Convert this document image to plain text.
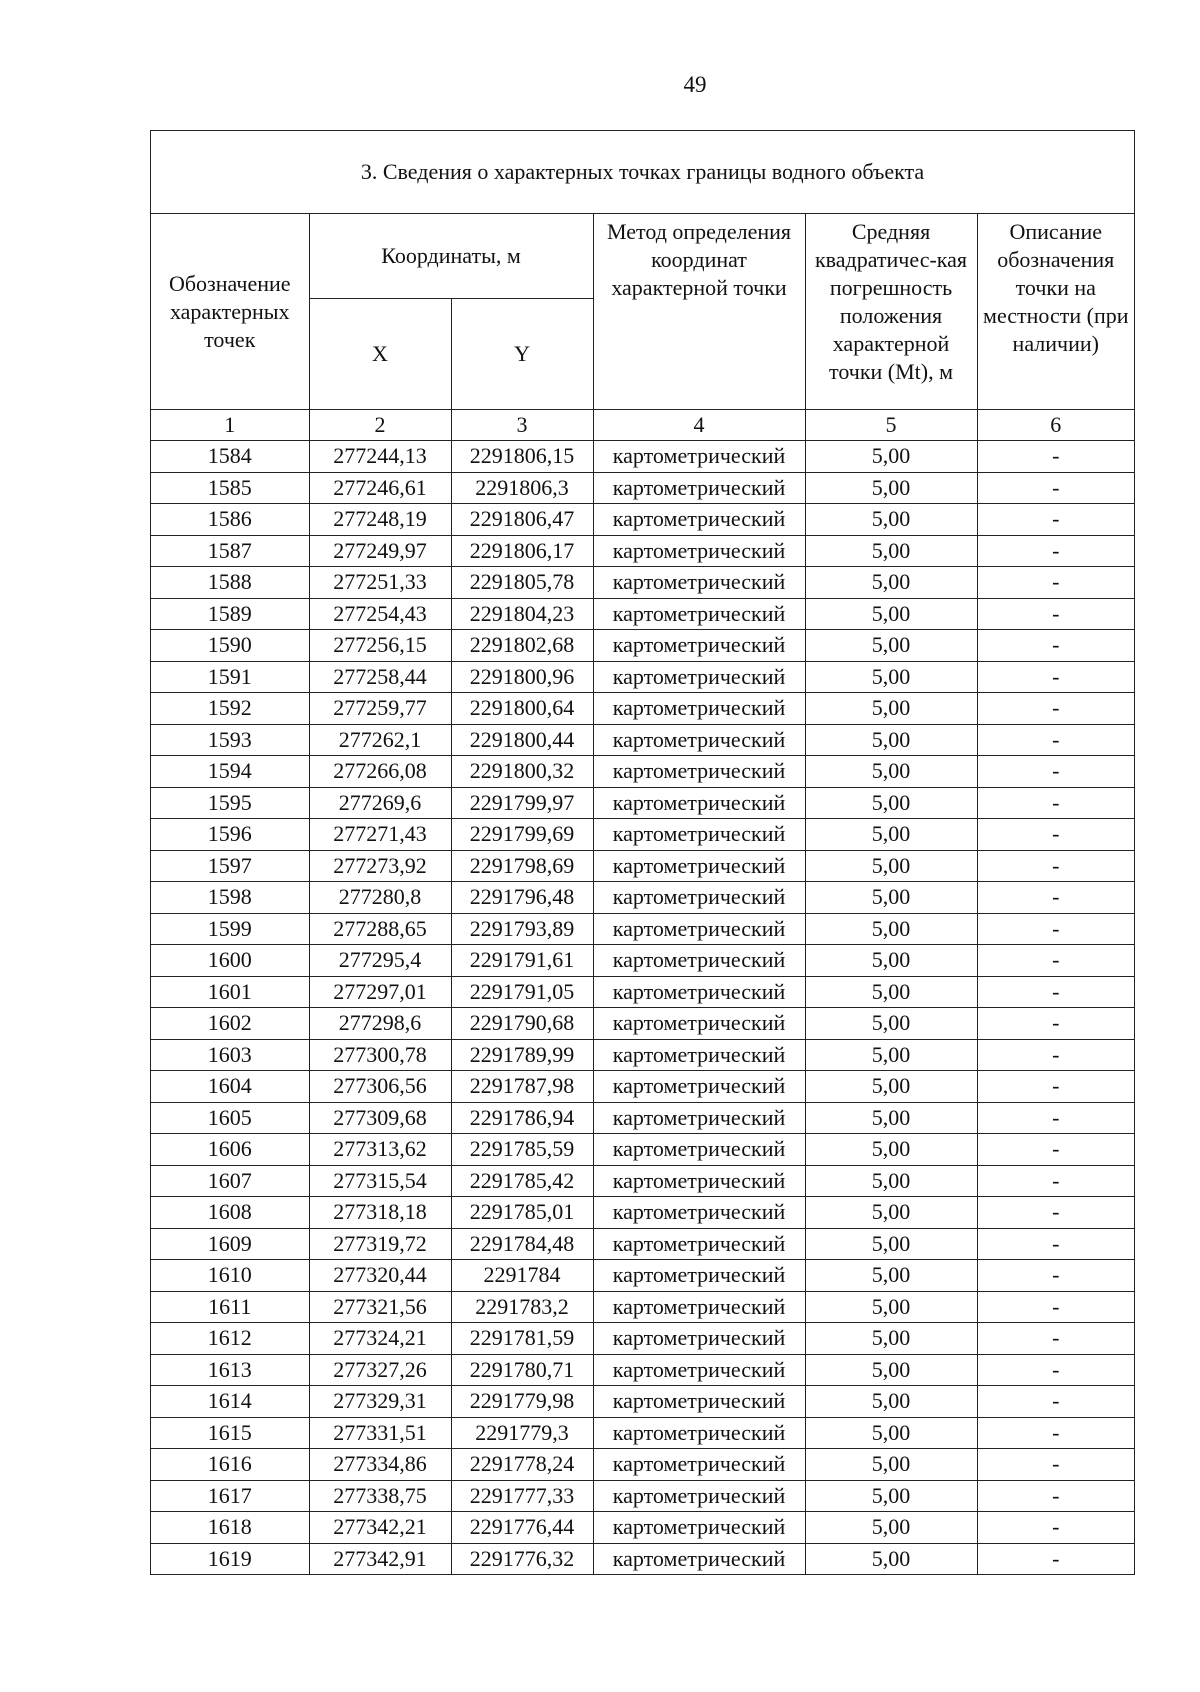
49
3. Сведения о характерных точках границы водного объекта
Обозначение характерных точек	Координаты, м		Метод определения координат характерной точки	Средняя квадратичес-кая погрешность положения характерной точки (Mt), м	Описание обозначения точки на местности (при наличии)
	X	Y			
1	2	3	4	5	6
1584	277244,13	2291806,15	картометрический	5,00	-
1585	277246,61	2291806,3	картометрический	5,00	-
1586	277248,19	2291806,47	картометрический	5,00	-
1587	277249,97	2291806,17	картометрический	5,00	-
1588	277251,33	2291805,78	картометрический	5,00	-
1589	277254,43	2291804,23	картометрический	5,00	-
1590	277256,15	2291802,68	картометрический	5,00	-
1591	277258,44	2291800,96	картометрический	5,00	-
1592	277259,77	2291800,64	картометрический	5,00	-
1593	277262,1	2291800,44	картометрический	5,00	-
1594	277266,08	2291800,32	картометрический	5,00	-
1595	277269,6	2291799,97	картометрический	5,00	-
1596	277271,43	2291799,69	картометрический	5,00	-
1597	277273,92	2291798,69	картометрический	5,00	-
1598	277280,8	2291796,48	картометрический	5,00	-
1599	277288,65	2291793,89	картометрический	5,00	-
1600	277295,4	2291791,61	картометрический	5,00	-
1601	277297,01	2291791,05	картометрический	5,00	-
1602	277298,6	2291790,68	картометрический	5,00	-
1603	277300,78	2291789,99	картометрический	5,00	-
1604	277306,56	2291787,98	картометрический	5,00	-
1605	277309,68	2291786,94	картометрический	5,00	-
1606	277313,62	2291785,59	картометрический	5,00	-
1607	277315,54	2291785,42	картометрический	5,00	-
1608	277318,18	2291785,01	картометрический	5,00	-
1609	277319,72	2291784,48	картометрический	5,00	-
1610	277320,44	2291784	картометрический	5,00	-
1611	277321,56	2291783,2	картометрический	5,00	-
1612	277324,21	2291781,59	картометрический	5,00	-
1613	277327,26	2291780,71	картометрический	5,00	-
1614	277329,31	2291779,98	картометрический	5,00	-
1615	277331,51	2291779,3	картометрический	5,00	-
1616	277334,86	2291778,24	картометрический	5,00	-
1617	277338,75	2291777,33	картометрический	5,00	-
1618	277342,21	2291776,44	картометрический	5,00	-
1619	277342,91	2291776,32	картометрический	5,00	-
